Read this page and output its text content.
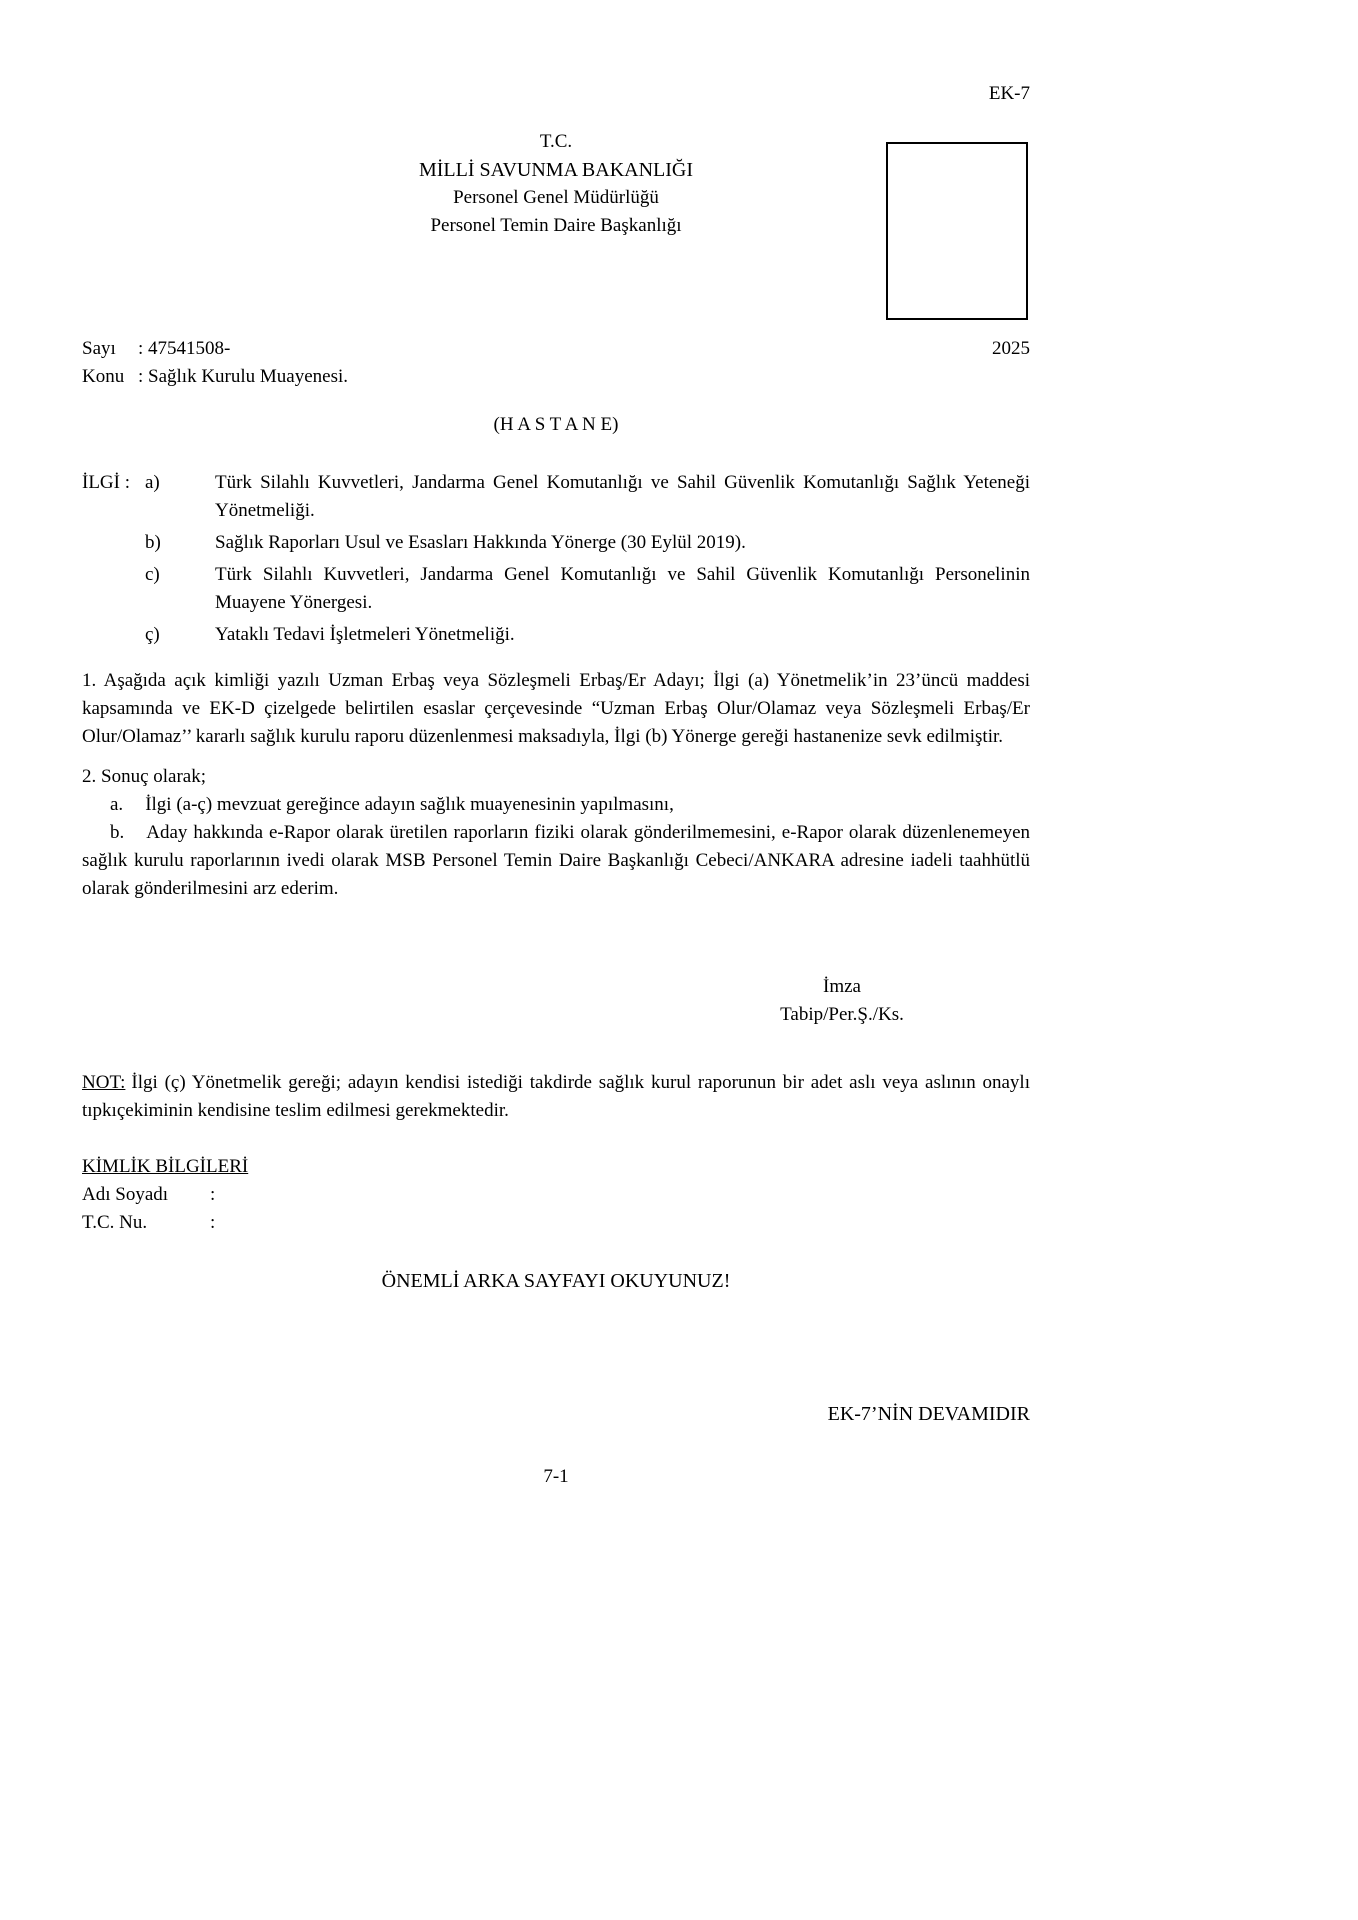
EK-7
T.C.
MİLLİ SAVUNMA BAKANLIĞI
Personel Genel Müdürlüğü
Personel Temin Daire Başkanlığı
Sayı : 47541508-	2025
Konu : Sağlık Kurulu Muayenesi.
(H A S T A N E)
İLGİ : a)	Türk Silahlı Kuvvetleri, Jandarma Genel Komutanlığı ve Sahil Güvenlik Komutanlığı Sağlık Yeteneği Yönetmeliği.
b)	Sağlık Raporları Usul ve Esasları Hakkında Yönerge (30 Eylül 2019).
c)	Türk Silahlı Kuvvetleri, Jandarma Genel Komutanlığı ve Sahil Güvenlik Komutanlığı Personelinin Muayene Yönergesi.
ç)	Yataklı Tedavi İşletmeleri Yönetmeliği.

1. Aşağıda açık kimliği yazılı Uzman Erbaş veya Sözleşmeli Erbaş/Er Adayı; İlgi (a) Yönetmelik’in 23’üncü maddesi kapsamında ve EK-D çizelgede belirtilen esaslar çerçevesinde “Uzman Erbaş Olur/Olamaz veya Sözleşmeli Erbaş/Er Olur/Olamaz’’ kararlı sağlık kurulu raporu düzenlenmesi maksadıyla, İlgi (b) Yönerge gereği hastanenize sevk edilmiştir.

2. Sonuç olarak;

a. İlgi (a-ç) mevzuat gereğince adayın sağlık muayenesinin yapılmasını,

b. Aday hakkında e-Rapor olarak üretilen raporların fiziki olarak gönderilmemesini, e-Rapor olarak düzenlenemeyen sağlık kurulu raporlarının ivedi olarak MSB Personel Temin Daire Başkanlığı Cebeci/ANKARA adresine iadeli taahhütlü olarak gönderilmesini arz ederim.

İmza
Tabip/Per.Ş./Ks.

NOT: İlgi (ç) Yönetmelik gereği; adayın kendisi istediği takdirde sağlık kurul raporunun bir adet aslı veya aslının onaylı tıpkıçekiminin kendisine teslim edilmesi gerekmektedir.

KİMLİK BİLGİLERİ
Adı Soyadı	:
T.C. Nu.	:
ÖNEMLİ ARKA SAYFAYI OKUYUNUZ!
EK-7’NİN DEVAMIDIR
7-1
